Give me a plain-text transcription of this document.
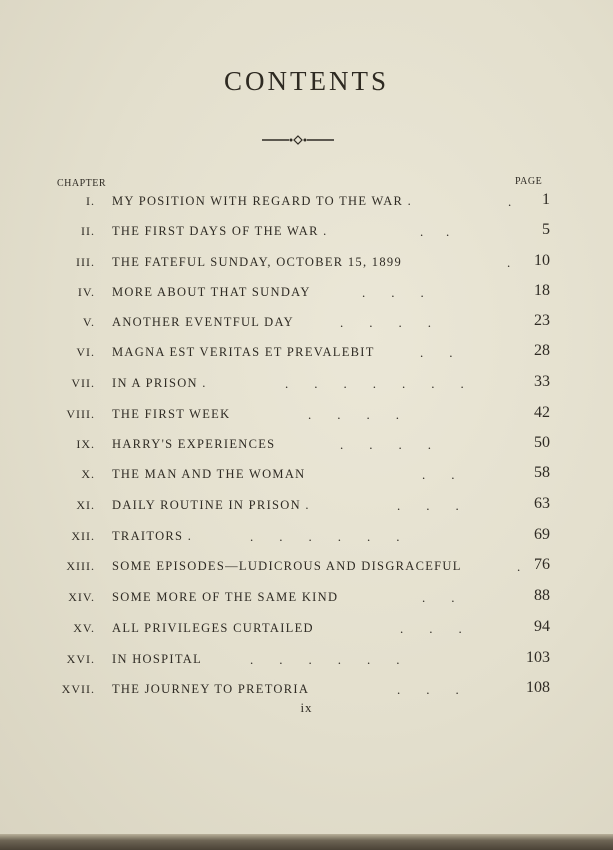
CONTENTS
CHAPTER	PAGE
I. MY POSITION WITH REGARD TO THE WAR .	.	1
II. THE FIRST DAYS OF THE WAR .	.       .	5
III. THE FATEFUL SUNDAY, OCTOBER 15, 1899	.	10
IV. MORE ABOUT THAT SUNDAY	.        .        .	18
V. ANOTHER EVENTFUL DAY	.        .        .        .	23
VI. MAGNA EST VERITAS ET PREVALEBIT	.        .	28
VII. IN A PRISON .	.        .        .        .        .        .        .	33
VIII. THE FIRST WEEK	.        .        .        .	42
IX. HARRY'S EXPERIENCES	.        .        .        .	50
X. THE MAN AND THE WOMAN	.        .	58
XI. DAILY ROUTINE IN PRISON .	.        .        .	63
XII. TRAITORS .	.        .        .        .        .        .	69
XIII. SOME EPISODES—LUDICROUS AND DISGRACEFUL	. 76
XIV. SOME MORE OF THE SAME KIND	.        .	88
XV. ALL PRIVILEGES CURTAILED	.        .        .	94
XVI. IN HOSPITAL	.        .        .        .        .        .	103
XVII. THE JOURNEY TO PRETORIA	.        .        .	108
ix
